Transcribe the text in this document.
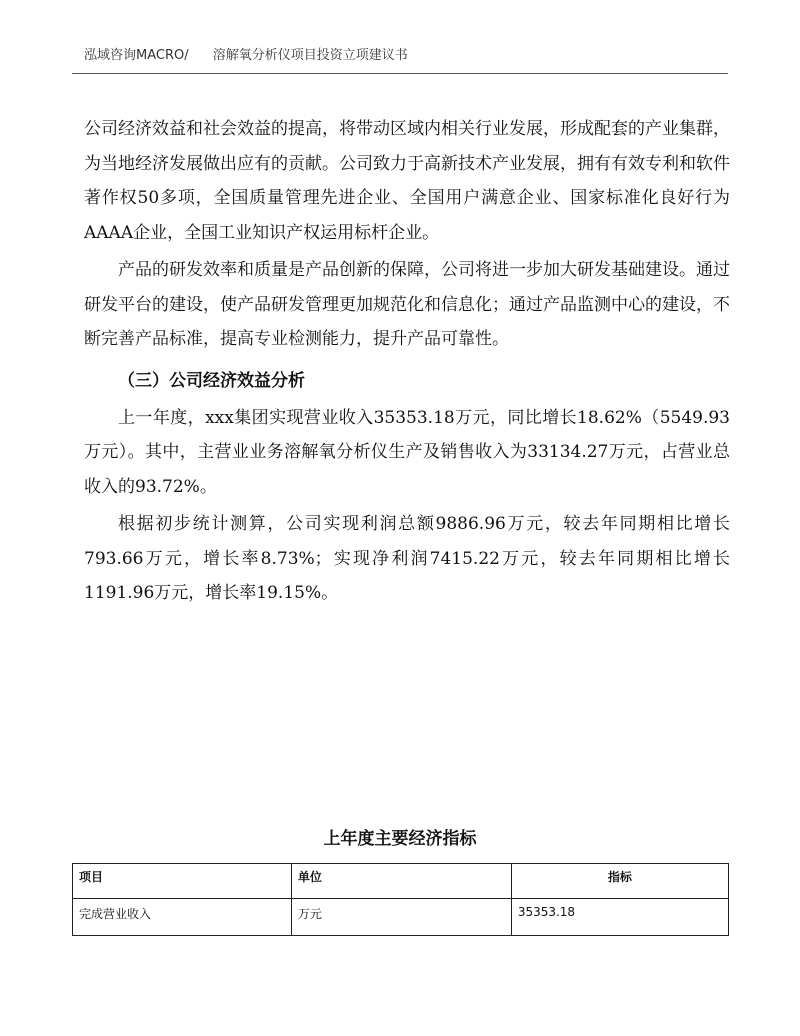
泓域咨询MACRO/ 溶解氧分析仪项目投资立项建议书

公司经济效益和社会效益的提高，将带动区域内相关行业发展，形成配套的产业集群，为当地经济发展做出应有的贡献。公司致力于高新技术产业发展，拥有有效专利和软件著作权50多项，全国质量管理先进企业、全国用户满意企业、国家标准化良好行为AAAA企业，全国工业知识产权运用标杆企业。

产品的研发效率和质量是产品创新的保障，公司将进一步加大研发基础建设。通过研发平台的建设，使产品研发管理更加规范化和信息化；通过产品监测中心的建设，不断完善产品标准，提高专业检测能力，提升产品可靠性。

（三）公司经济效益分析

上一年度，xxx集团实现营业收入35353.18万元，同比增长18.62%（5549.93万元）。其中，主营业业务溶解氧分析仪生产及销售收入为33134.27万元，占营业总收入的93.72%。

根据初步统计测算，公司实现利润总额9886.96万元，较去年同期相比增长793.66万元，增长率8.73%；实现净利润7415.22万元，较去年同期相比增长1191.96万元，增长率19.15%。

上年度主要经济指标
项目	单位	指标
完成营业收入	万元	35353.18
